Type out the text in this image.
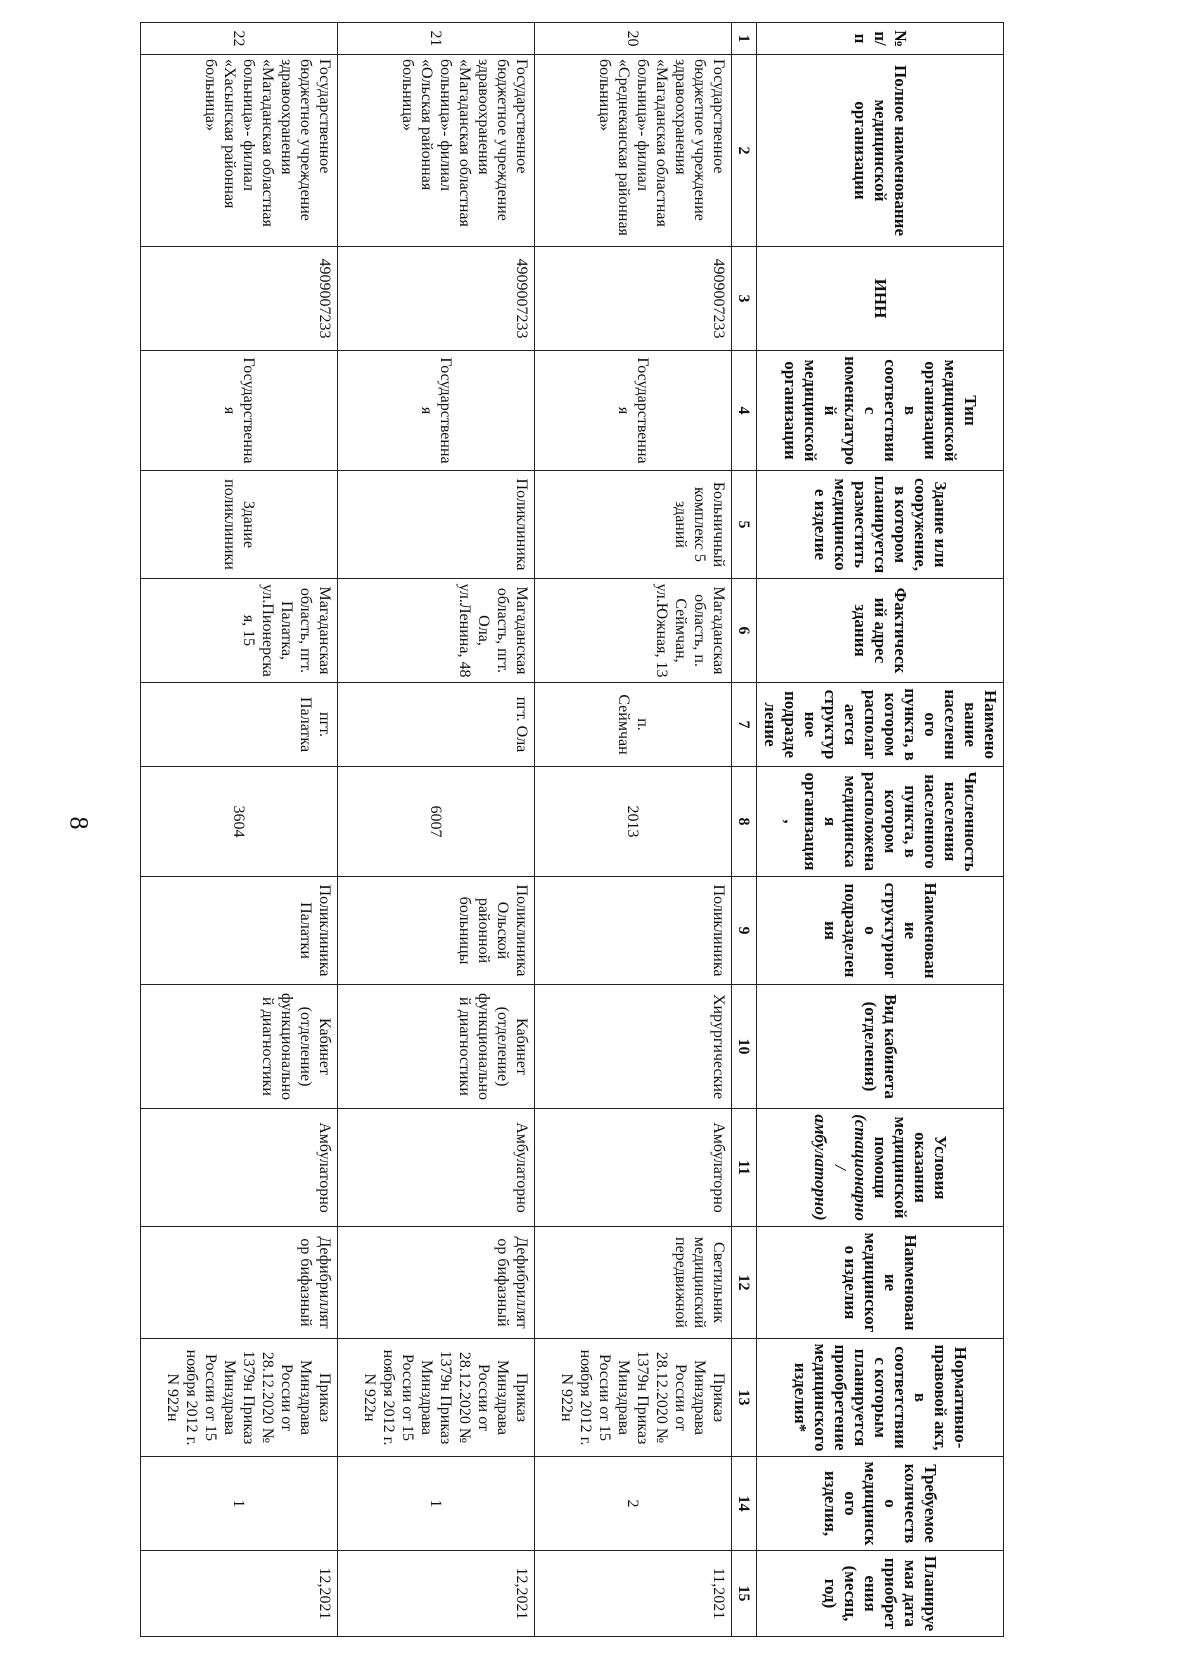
8
№ п/п	Полное наименование медицинской организации	ИНН	Тип медицинской организации в соответствии с номенклатурой медицинской организации	Здание или сооружение, в котором планируется разместить медицинское изделие	Фактический адрес здания	Наименование населенного пункта, в котором располагается структурное подразделение	Численность населения населенного пункта, в котором расположена медицинская организация,	Наименование структурного подразделения	Вид кабинета (отделения)	Условия оказания медицинской помощи (стационарно/ амбулаторно)	Наименование медицинского изделия	Нормативно-правовой акт, в соответствии с которым планируется приобретение медицинского изделия*	Требуемое количество медицинского изделия,	Планируемая дата приобретения (месяц, год)
1	2	3	4	5	6	7	8	9	10	11	12	13	14	15
20	Государственное бюджетное учреждение здравоохранения «Магаданская областная больница»- филиал «Среднеканская районная больница»	4909007233	Государственная	Больничный комплекс 5 зданий	Магаданская область, п. Сеймчан, ул.Южная, 13	п. Сеймчан	2013	Поликлиника	Хирургические	Амбулаторно	Светильник медицинский передвижной	Приказ Минздрава России от 28.12.2020 № 1379н Приказ Минздрава России от 15 ноября 2012 г. N 922н	2	11,2021
21	Государственное бюджетное учреждение здравоохранения «Магаданская областная больница»- филиал «Ольская районная больница»	4909007233	Государственная	Поликлиника	Магаданская область, пгт. Ола, ул.Ленина, 48	пгт. Ола	6007	Поликлиника Ольской районной больницы	Кабинет (отделение) функционально й диагностики	Амбулаторно	Дефибриллят ор бифазный	Приказ Минздрава России от 28.12.2020 № 1379н Приказ Минздрава России от 15 ноября 2012 г. N 922н	1	12,2021
22	Государственное бюджетное учреждение здравоохранения «Магаданская областная больница»- филиал «Хасынская районная больница»	4909007233	Государственная	Здание поликлиники	Магаданская область, пгт. Палатка, ул.Пионерска я, 15	пгт. Палатка	3604	Поликлиника Палатки	Кабинет (отделение) функционально й диагностики	Амбулаторно	Дефибриллят ор бифазный	Приказ Минздрава России от 28.12.2020 № 1379н Приказ Минздрава России от 15 ноября 2012 г. N 922н	1	12,2021
